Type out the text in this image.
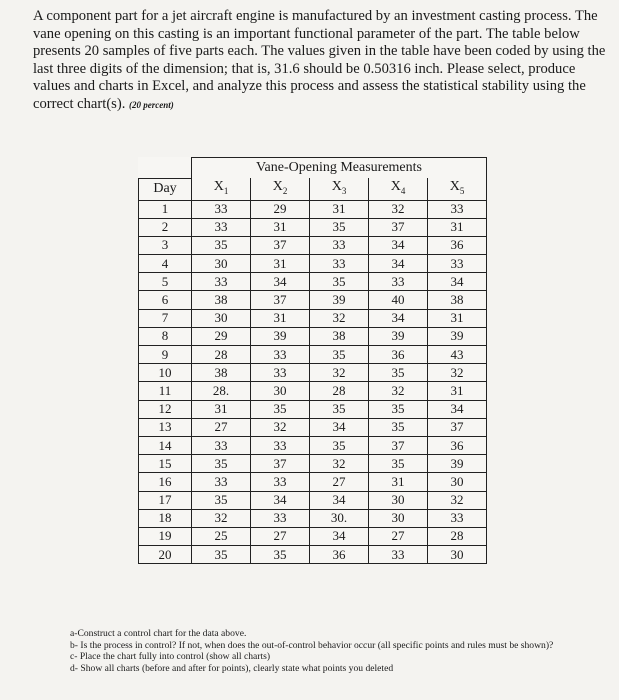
A component part for a jet aircraft engine is manufactured by an investment casting process. The vane opening on this casting is an important functional parameter of the part. The table below presents 20 samples of five parts each. The values given in the table have been coded by using the last three digits of the dimension; that is, 31.6 should be 0.50316 inch. Please select, produce values and charts in Excel, and analyze this process and assess the statistical stability using the correct chart(s). (20 percent)

	Vane-Opening Measurements				
Day	$X_1$	$X_2$	$X_3$	$X_4$	$X_5$
1	33	29	31	32	33
2	33	31	35	37	31
3	35	37	33	34	36
4	30	31	33	34	33
5	33	34	35	33	34
6	38	37	39	40	38
7	30	31	32	34	31
8	29	39	38	39	39
9	28	33	35	36	43
10	38	33	32	35	32
11	28.	30	28	32	31
12	31	35	35	35	34
13	27	32	34	35	37
14	33	33	35	37	36
15	35	37	32	35	39
16	33	33	27	31	30
17	35	34	34	30	32
18	32	33	30.	30	33
19	25	27	34	27	28
20	35	35	36	33	30
a-Construct a control chart for the data above.
b- Is the process in control? If not, when does the out-of-control behavior occur (all specific points and rules must be shown)?
c- Place the chart fully into control (show all charts)
d- Show all charts (before and after for points), clearly state what points you deleted
